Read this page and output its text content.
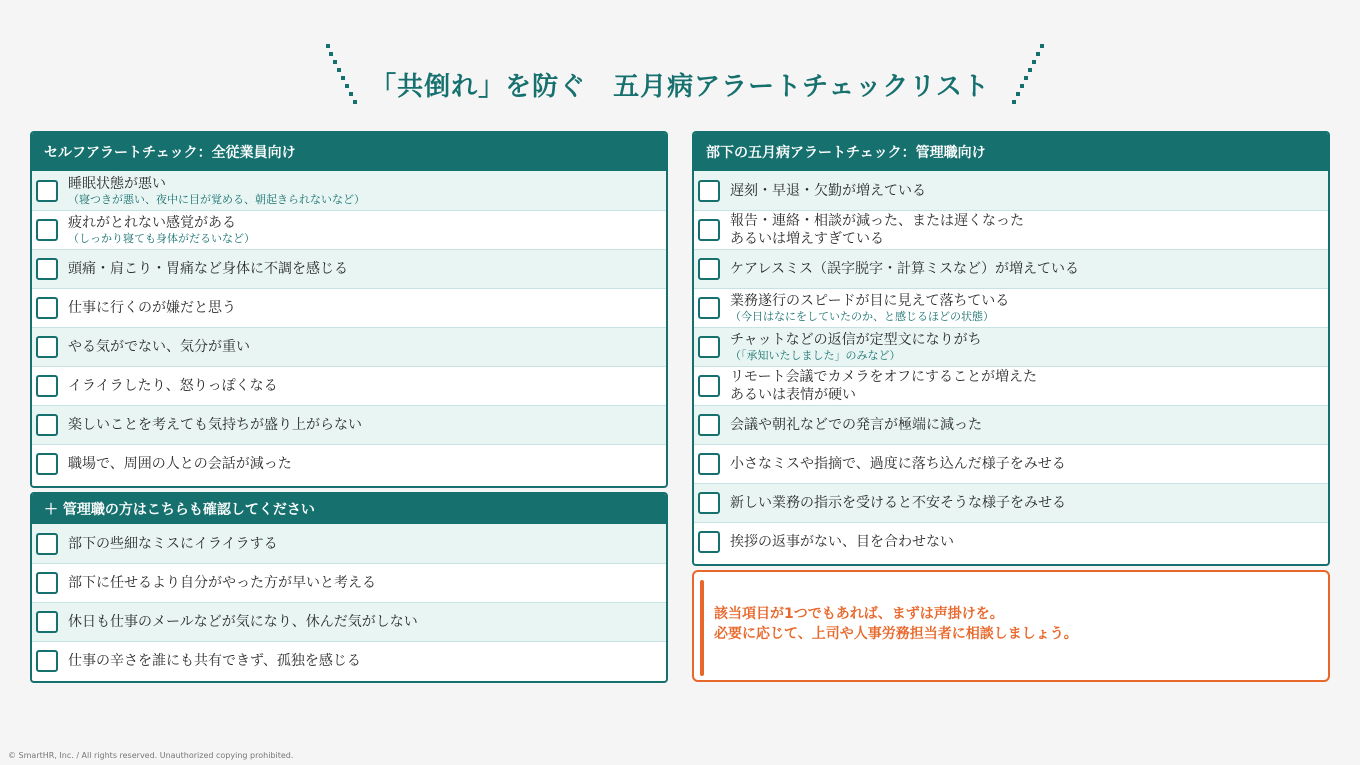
「共倒れ」を防ぐ　五月病アラートチェックリスト
セルフアラートチェック：全従業員向け
睡眠状態が悪い
（寝つきが悪い、夜中に目が覚める、朝起きられないなど）
疲れがとれない感覚がある
（しっかり寝ても身体がだるいなど）
頭痛・肩こり・胃痛など身体に不調を感じる
仕事に行くのが嫌だと思う
やる気がでない、気分が重い
イライラしたり、怒りっぽくなる
楽しいことを考えても気持ちが盛り上がらない
職場で、周囲の人との会話が減った
＋ 管理職の方はこちらも確認してください
部下の些細なミスにイライラする
部下に任せるより自分がやった方が早いと考える
休日も仕事のメールなどが気になり、休んだ気がしない
仕事の辛さを誰にも共有できず、孤独を感じる
部下の五月病アラートチェック：管理職向け
遅刻・早退・欠勤が増えている
報告・連絡・相談が減った、または遅くなった
あるいは増えすぎている
ケアレスミス（誤字脱字・計算ミスなど）が増えている
業務遂行のスピードが目に見えて落ちている
（今日はなにをしていたのか、と感じるほどの状態）
チャットなどの返信が定型文になりがち
（「承知いたしました」のみなど）
リモート会議でカメラをオフにすることが増えた
あるいは表情が硬い
会議や朝礼などでの発言が極端に減った
小さなミスや指摘で、過度に落ち込んだ様子をみせる
新しい業務の指示を受けると不安そうな様子をみせる
挨拶の返事がない、目を合わせない
該当項目が1つでもあれば、まずは声掛けを。
必要に応じて、上司や人事労務担当者に相談しましょう。
© SmartHR, Inc. / All rights reserved. Unauthorized copying prohibited.
